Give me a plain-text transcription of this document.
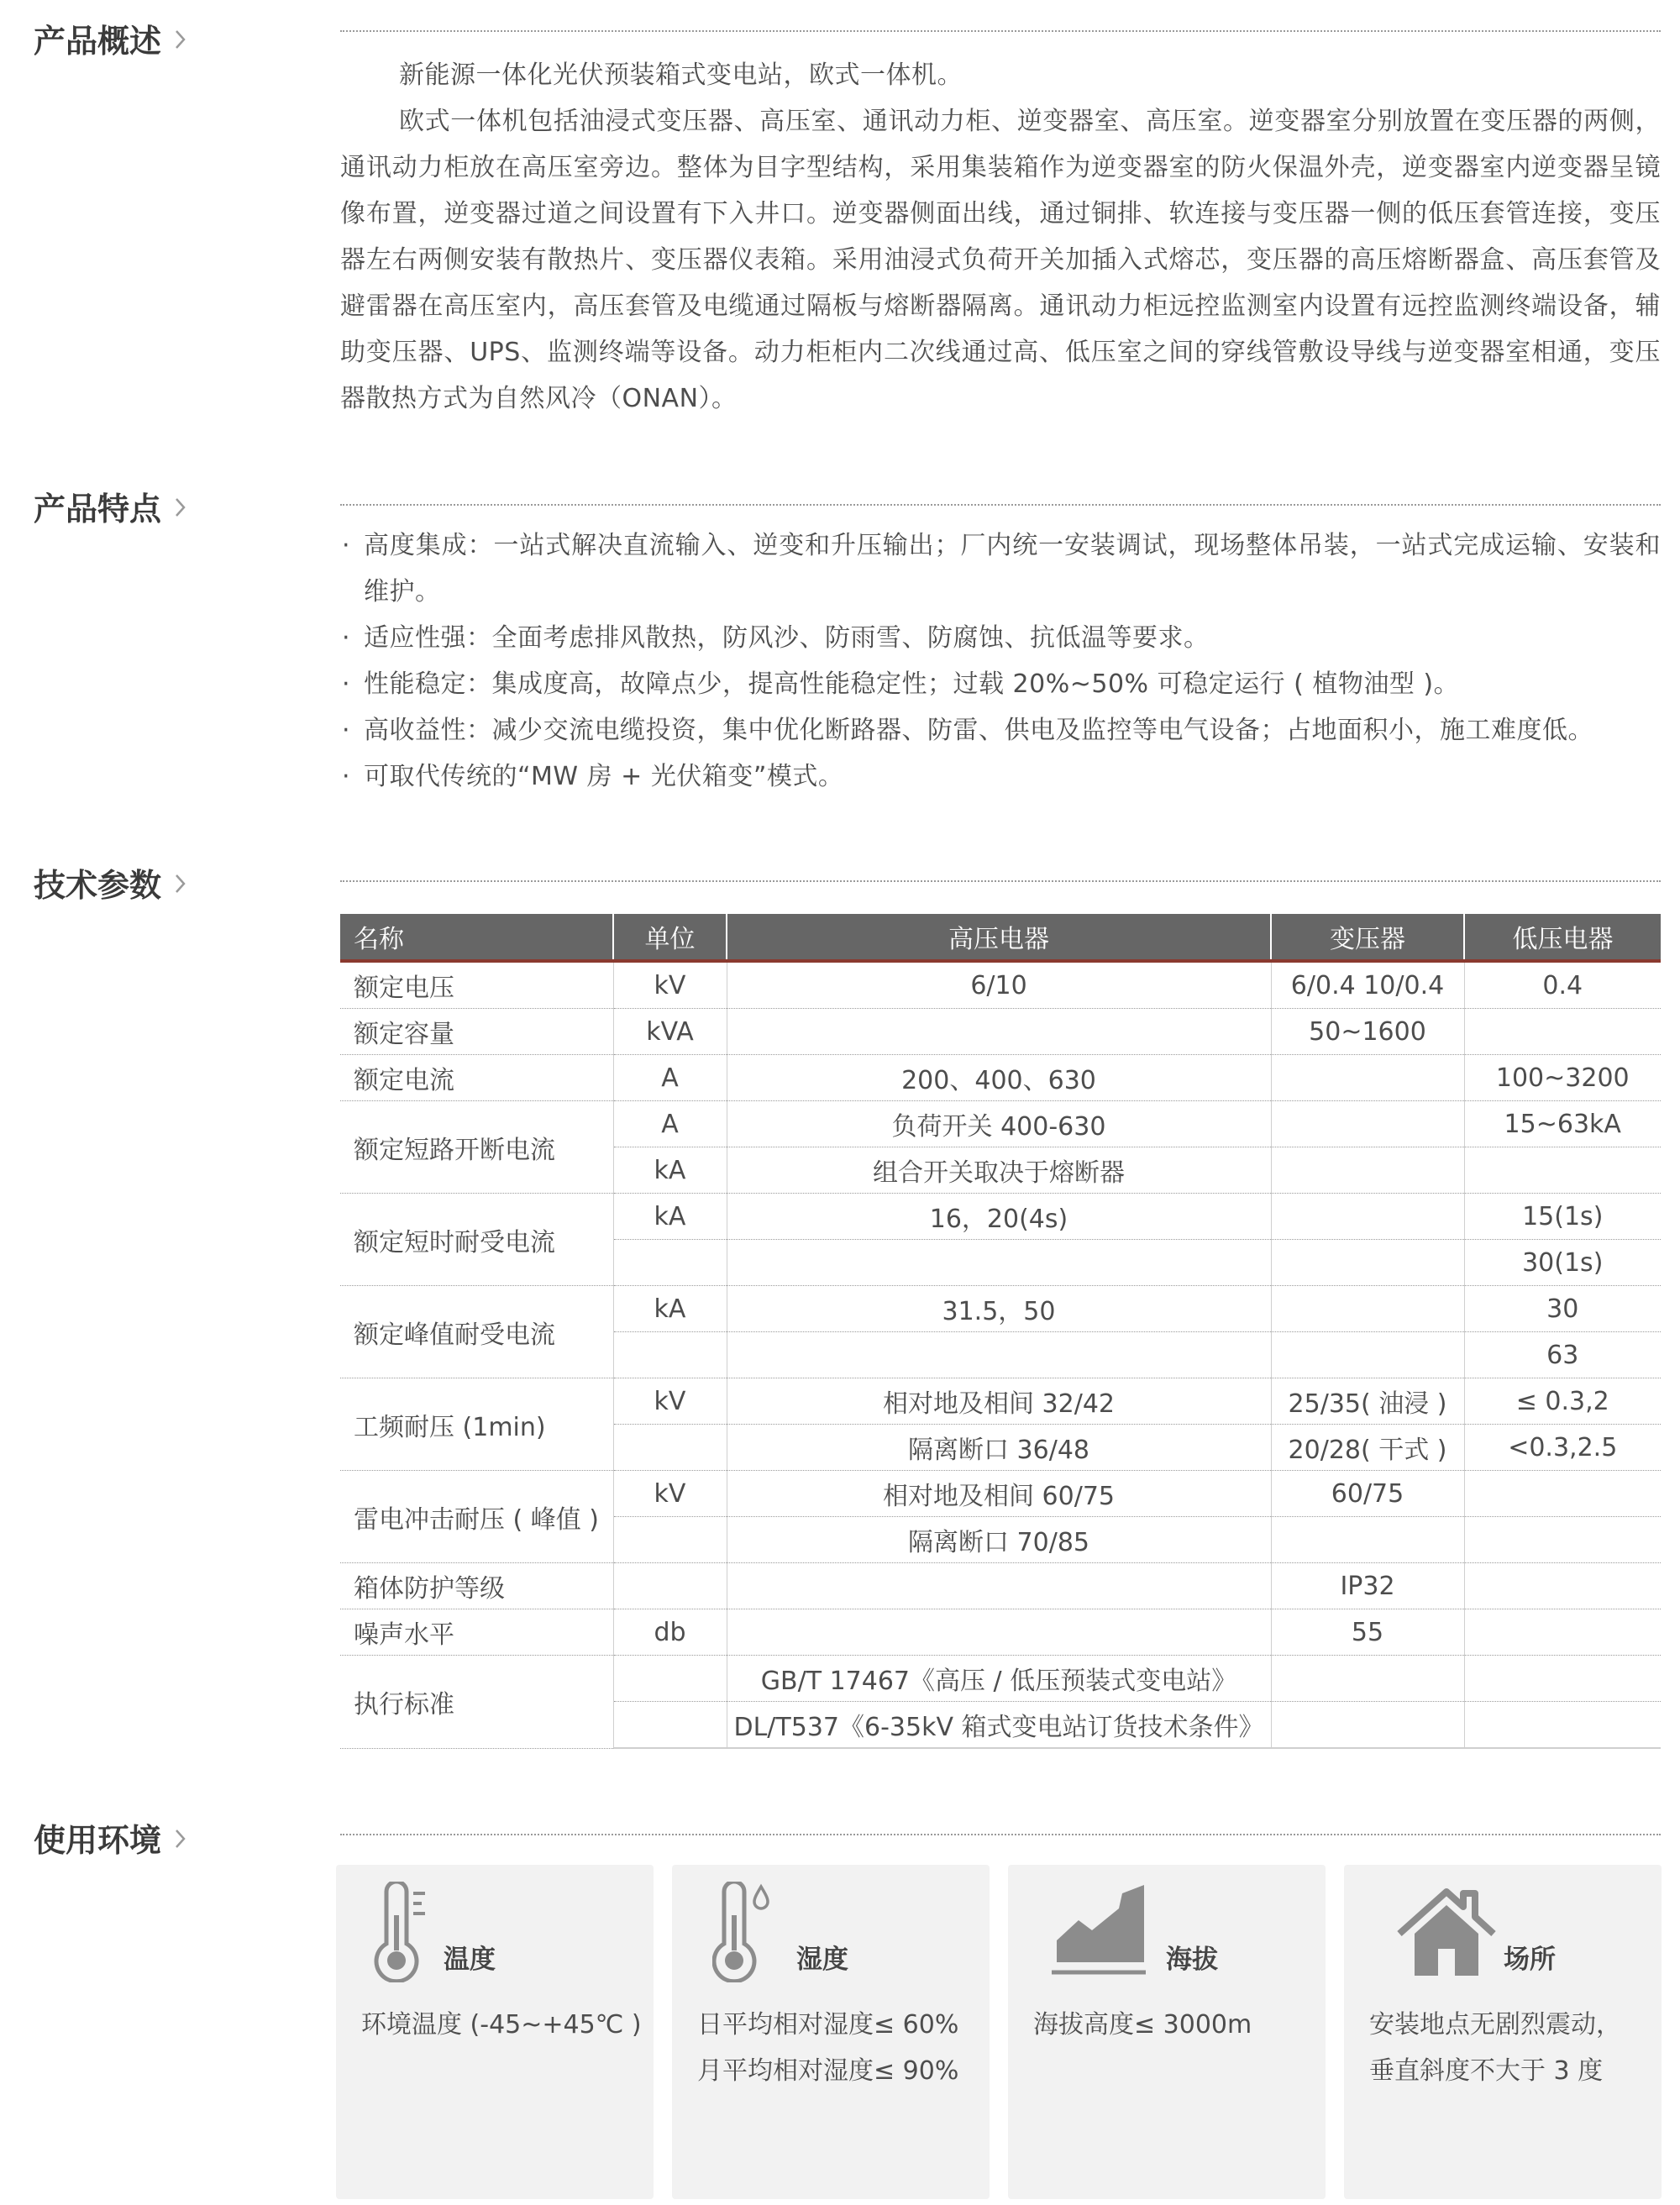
产品概述

新能源一体化光伏预装箱式变电站，欧式一体机。

欧式一体机包括油浸式变压器、高压室、通讯动力柜、逆变器室、高压室。逆变器室分别放置在变压器的两侧，通讯动力柜放在高压室旁边。整体为目字型结构，采用集装箱作为逆变器室的防火保温外壳，逆变器室内逆变器呈镜像布置，逆变器过道之间设置有下入井口。逆变器侧面出线，通过铜排、软连接与变压器一侧的低压套管连接，变压器左右两侧安装有散热片、变压器仪表箱。采用油浸式负荷开关加插入式熔芯，变压器的高压熔断器盒、高压套管及避雷器在高压室内，高压套管及电缆通过隔板与熔断器隔离。通讯动力柜远控监测室内设置有远控监测终端设备，辅助变压器、UPS、监测终端等设备。动力柜柜内二次线通过高、低压室之间的穿线管敷设导线与逆变器室相通，变压器散热方式为自然风冷（ONAN）。

产品特点
· 高度集成：一站式解决直流输入、逆变和升压输出；厂内统一安装调试，现场整体吊装，一站式完成运输、安装和维护。
· 适应性强：全面考虑排风散热，防风沙、防雨雪、防腐蚀、抗低温等要求。
· 性能稳定：集成度高，故障点少，提高性能稳定性；过载 20%~50% 可稳定运行 ( 植物油型 )。
· 高收益性：减少交流电缆投资，集中优化断路器、防雷、供电及监控等电气设备；占地面积小，施工难度低。
· 可取代传统的“MW 房 + 光伏箱变”模式。
技术参数
名称	单位	高压电器	变压器	低压电器
额定电压	kV	6/10	6/0.4 10/0.4	0.4
额定容量	kVA		50~1600	
额定电流	A	200、400、630		100~3200
额定短路开断电流	A	负荷开关 400-630		15~63kA
	kA	组合开关取决于熔断器		
额定短时耐受电流	kA	16，20(4s)		15(1s)
				30(1s)
额定峰值耐受电流	kA	31.5，50		30
				63
工频耐压 (1min)	kV	相对地及相间 32/42	25/35( 油浸 )	≤ 0.3,2
		隔离断口 36/48	20/28( 干式 )	<0.3,2.5
雷电冲击耐压 ( 峰值 )	kV	相对地及相间 60/75	60/75	
		隔离断口 70/85		
箱体防护等级			IP32	
噪声水平	db		55	
执行标准		GB/T 17467《高压 / 低压预装式变电站》		
		DL/T537《6-35kV 箱式变电站订货技术条件》		
使用环境
温度
环境温度 (-45~+45℃ )
湿度
日平均相对湿度≤ 60%
月平均相对湿度≤ 90%
海拔
海拔高度≤ 3000m
场所
安装地点无剧烈震动，
垂直斜度不大于 3 度
